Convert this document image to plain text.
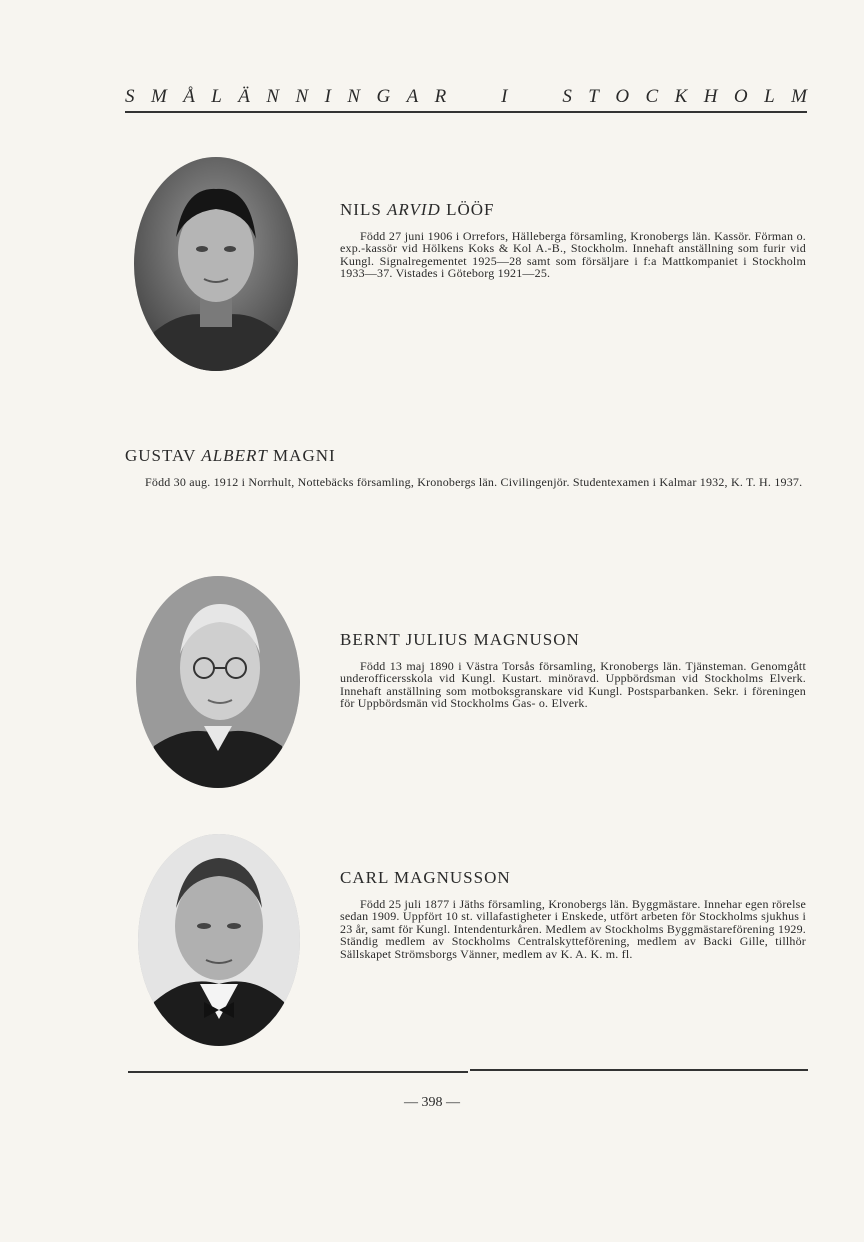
S M Å L Ä N N I N G A R	I	S T O C K H O L M
NILS ARVID LÖÖF

Född 27 juni 1906 i Orrefors, Hälleberga församling, Kronobergs län. Kassör. Förman o. exp.-kassör vid Hölkens Koks & Kol A.-B., Stockholm. Innehaft anställning som furir vid Kungl. Signalregementet 1925—28 samt som försäljare i f:a Mattkompaniet i Stockholm 1933—37. Vistades i Göteborg 1921—25.

GUSTAV ALBERT MAGNI

Född 30 aug. 1912 i Norrhult, Nottebäcks församling, Kronobergs län. Civilingenjör. Studentexamen i Kalmar 1932, K. T. H. 1937.

BERNT JULIUS MAGNUSON

Född 13 maj 1890 i Västra Torsås församling, Kronobergs län. Tjänsteman. Genomgått underofficersskola vid Kungl. Kustart. minöravd. Uppbördsman vid Stockholms Elverk. Innehaft anställning som motboksgranskare vid Kungl. Postsparbanken. Sekr. i föreningen för Uppbördsmän vid Stockholms Gas- o. Elverk.

CARL MAGNUSSON

Född 25 juli 1877 i Jäths församling, Kronobergs län. Byggmästare. Innehar egen rörelse sedan 1909. Uppfört 10 st. villafastigheter i Enskede, utfört arbeten för Stockholms sjukhus i 23 år, samt för Kungl. Intendenturkåren. Medlem av Stockholms Byggmästareförening 1929. Ständig medlem av Stockholms Centralskytteförening, medlem av Backi Gille, tillhör Sällskapet Strömsborgs Vänner, medlem av K. A. K. m. fl.

— 398 —
